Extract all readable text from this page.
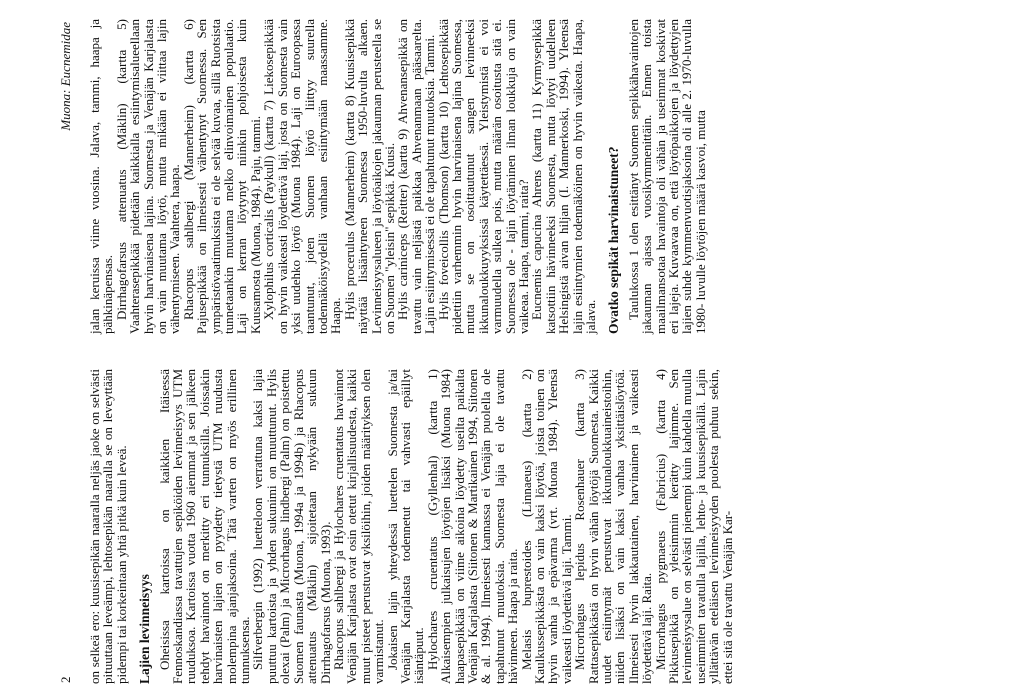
2
Muona: Eucnemidae

on selkeä ero: kuusisepikän naaralla neljäs jaoke on selvästi pituuttaan leveämpi, lehtosepikän naaralla se on leveyttään pidempi tai korkeintaan yhtä pitkä kuin leveä. Lajien levinneisyys Oheisissa kartoissa on kaikkien Itäisessä Fennoskandiassa tavattujen sepiköiden levinneisyys UTM ruuduksoa. Kartoissa vuotta 1960 aiemmat ja sen jälkeen tehdyt havainnot on merkitty eri tunnuksilla. Joissakin harvinaisten lajien on pyydetty tietystä UTM ruudusta molempina ajanjaksoina. Tätä varten on myös erillinen tunnuksensa.

Silfverbergin (1992) luetteloon verrattuna kaksi lajia puuttuu kartoista ja yhden sukunimi on muuttunut. Hylis olexai (Palm) ja Microrhagus lindbergi (Palm) on poistettu Suomen faunasta (Muona, 1994a ja 1994b) ja Rhacopus attenuatus (Mäklin) sijoitetaan nykyään sukuun Dirrhagofarsus (Muona, 1993).

Rhacopus sahlbergi ja Hylochares cruentatus havainnot Venäjän Karjalasta ovat osin otetut kirjallisuudesta, kaikki muut pisteet perustuvat yksilöihin, joiden määrityksen olen varmistanut.

Jokaisen lajin yhteydessä luettelen Suomesta ja/tai Venäjän Karjalasta todennetut tai vahvasti epäillyt isäntäpuut.

Hylochares cruentatus (Gyllenhal) (kartta 1) Alkaisempien julkaisujen löytöjen lisäksi (Muona 1984) haapasepikkää on viime aikoina löydetty useilta paikalta Venäjän Karjalasta (Siitonen & Martikainen 1994, Siitonen & al. 1994). Ilmeisesti kannassa ei Venäjän puolella ole tapahtunut muutoksia. Suomesta lajia ei ole tavattu hävinneen. Haapa ja raita.

Melasis buprestoides (Linnaeus) (kartta 2) Kaulkussepikkästa on vain kaksi löytöä, joista toinen on hyvin vanha ja epävarma (vrt. Muona 1984). Yleensä vaikeasti löydettävä laji. Tammi.

Microrhagus lepidus Rosenhauer (kartta 3) Rattasepikkästä on hyvin vähän löytöjä Suomesta. Kaikki uudet esiintymät perustuvat ikkunaloukkuaineistoihin, niiden lisäksi on vain kaksi vanhaa yksittäislöytöä. Ilmeisesti hyvin lakkautainen, harvinainen ja vaikeasti löydettävä laji. Raita.

Microrhagus pygmaeus (Fabricius) (kartta 4) Pikkusepikkä on yleisimmin kerätty lajimme. Sen levinneisyysalue on selvästi pienempi kuin kahdella muulla useimmiten tavatulla lajilla, lehto- ja kuusisepikällä. Lajin yllättävän eteläisen levinneisyyden puolesta puhuu sekin, ettei sitä ole tavattu Venäjän Kar-

jalan keruissa viime vuosina. Jalava, tammi, haapa ja pähkinäpensas.

Dirrhagofarsus attenuatus (Mäklin) (kartta 5) Vaahterasepikkää pidetään kaikkialla esiintymisalueellaan hyvin harvinaisena lajina. Suomesta ja Venäjän Karjalasta on vain muutama löytö, mutta mikään ei viittaa lajin vähentymiseen. Vaahtera, haapa.

Rhacopus sahlbergi (Mannerheim) (kartta 6) Pajusepikkää on ilmeisesti vähentynyt Suomessa. Sen ympäristövaatimuksista ei ole selvää kuvaa, sillä Ruotsista tunnetaankin muutama melko elinvoimainen populaatio. Laji on kerran löytynyt niinkin pohjoisesta kuin Kuusamosta (Muona, 1984). Paju, tammi.

Xylophilus corticalis (Paykull) (kartta 7) Liekosepikkää on hyvin vaikeasti löydettävä laji, josta on Suomesta vain yksi uudehko löytö (Muona 1984). Laji on Euroopassa taantunut, joten Suomen löytö liittyy suurella todennäköisyydellä vanhaan esiintymään maassamme. Haapa.

Hylis procerulus (Mannerheim) (kartta 8) Kuusisepikkä näyttää lisääntyneen Suomessa 1950-luvulta alkaen. Levinneisyysalueen ja löytöaikojen jakauman perusteella se on Suomen "yleisin" sepikkä. Kuusi.

Hylis cariniceps (Reitter) (kartta 9) Ahvenansepikkä on tavattu vain neljästä paikkaa Ahvenanmaan pääsaarelta. Lajin esiintymisessä ei ole tapahtunut muutoksia. Tammi.

Hylis foveicollis (Thomson) (kartta 10) Lehtosepikkää pidettiin varhemmin hyvin harvinaisena lajina Suomessa, mutta se on osoittautunut sangen levinneeksi ikkunaloukkuyyksissä käytettäessä. Yleistymistä ei voi varmuudella sulkea pois, mutta määrän osoitusta sitä ei. Suomessa ole - lajin löytäminen ilman loukkuja on vain vaikeaa. Haapa, tammi, raita?

Eucnemis capucina Ahrens (kartta 11) Kyrmysepikkä katsottiin hävinneeksi Suomesta, mutta löytyi uudelleen Helsingistä aivan hiljan (I. Mannerkoski, 1994). Yleensä lajin esiintymien todennäköinen on hyvin vaikeata. Haapa, jalava. Ovatko sepikät harvinaistuneet? Taulukossa 1 olen esittänyt Suomen sepikkähavaintojen jakauman ajassa vuosikymmenittäin. Ennen toista maailmansotaa havaintoja oli vähän ja useimmat koskivat eri lajeja. Kuvaavaa on, että löytöpaikkojen ja löydettyjen lajien suhde kymmenvuotisjaksoina oli alle 2. 1970-luvulla 1980- luvulle löytöjen määrä kasvoi, mutta
